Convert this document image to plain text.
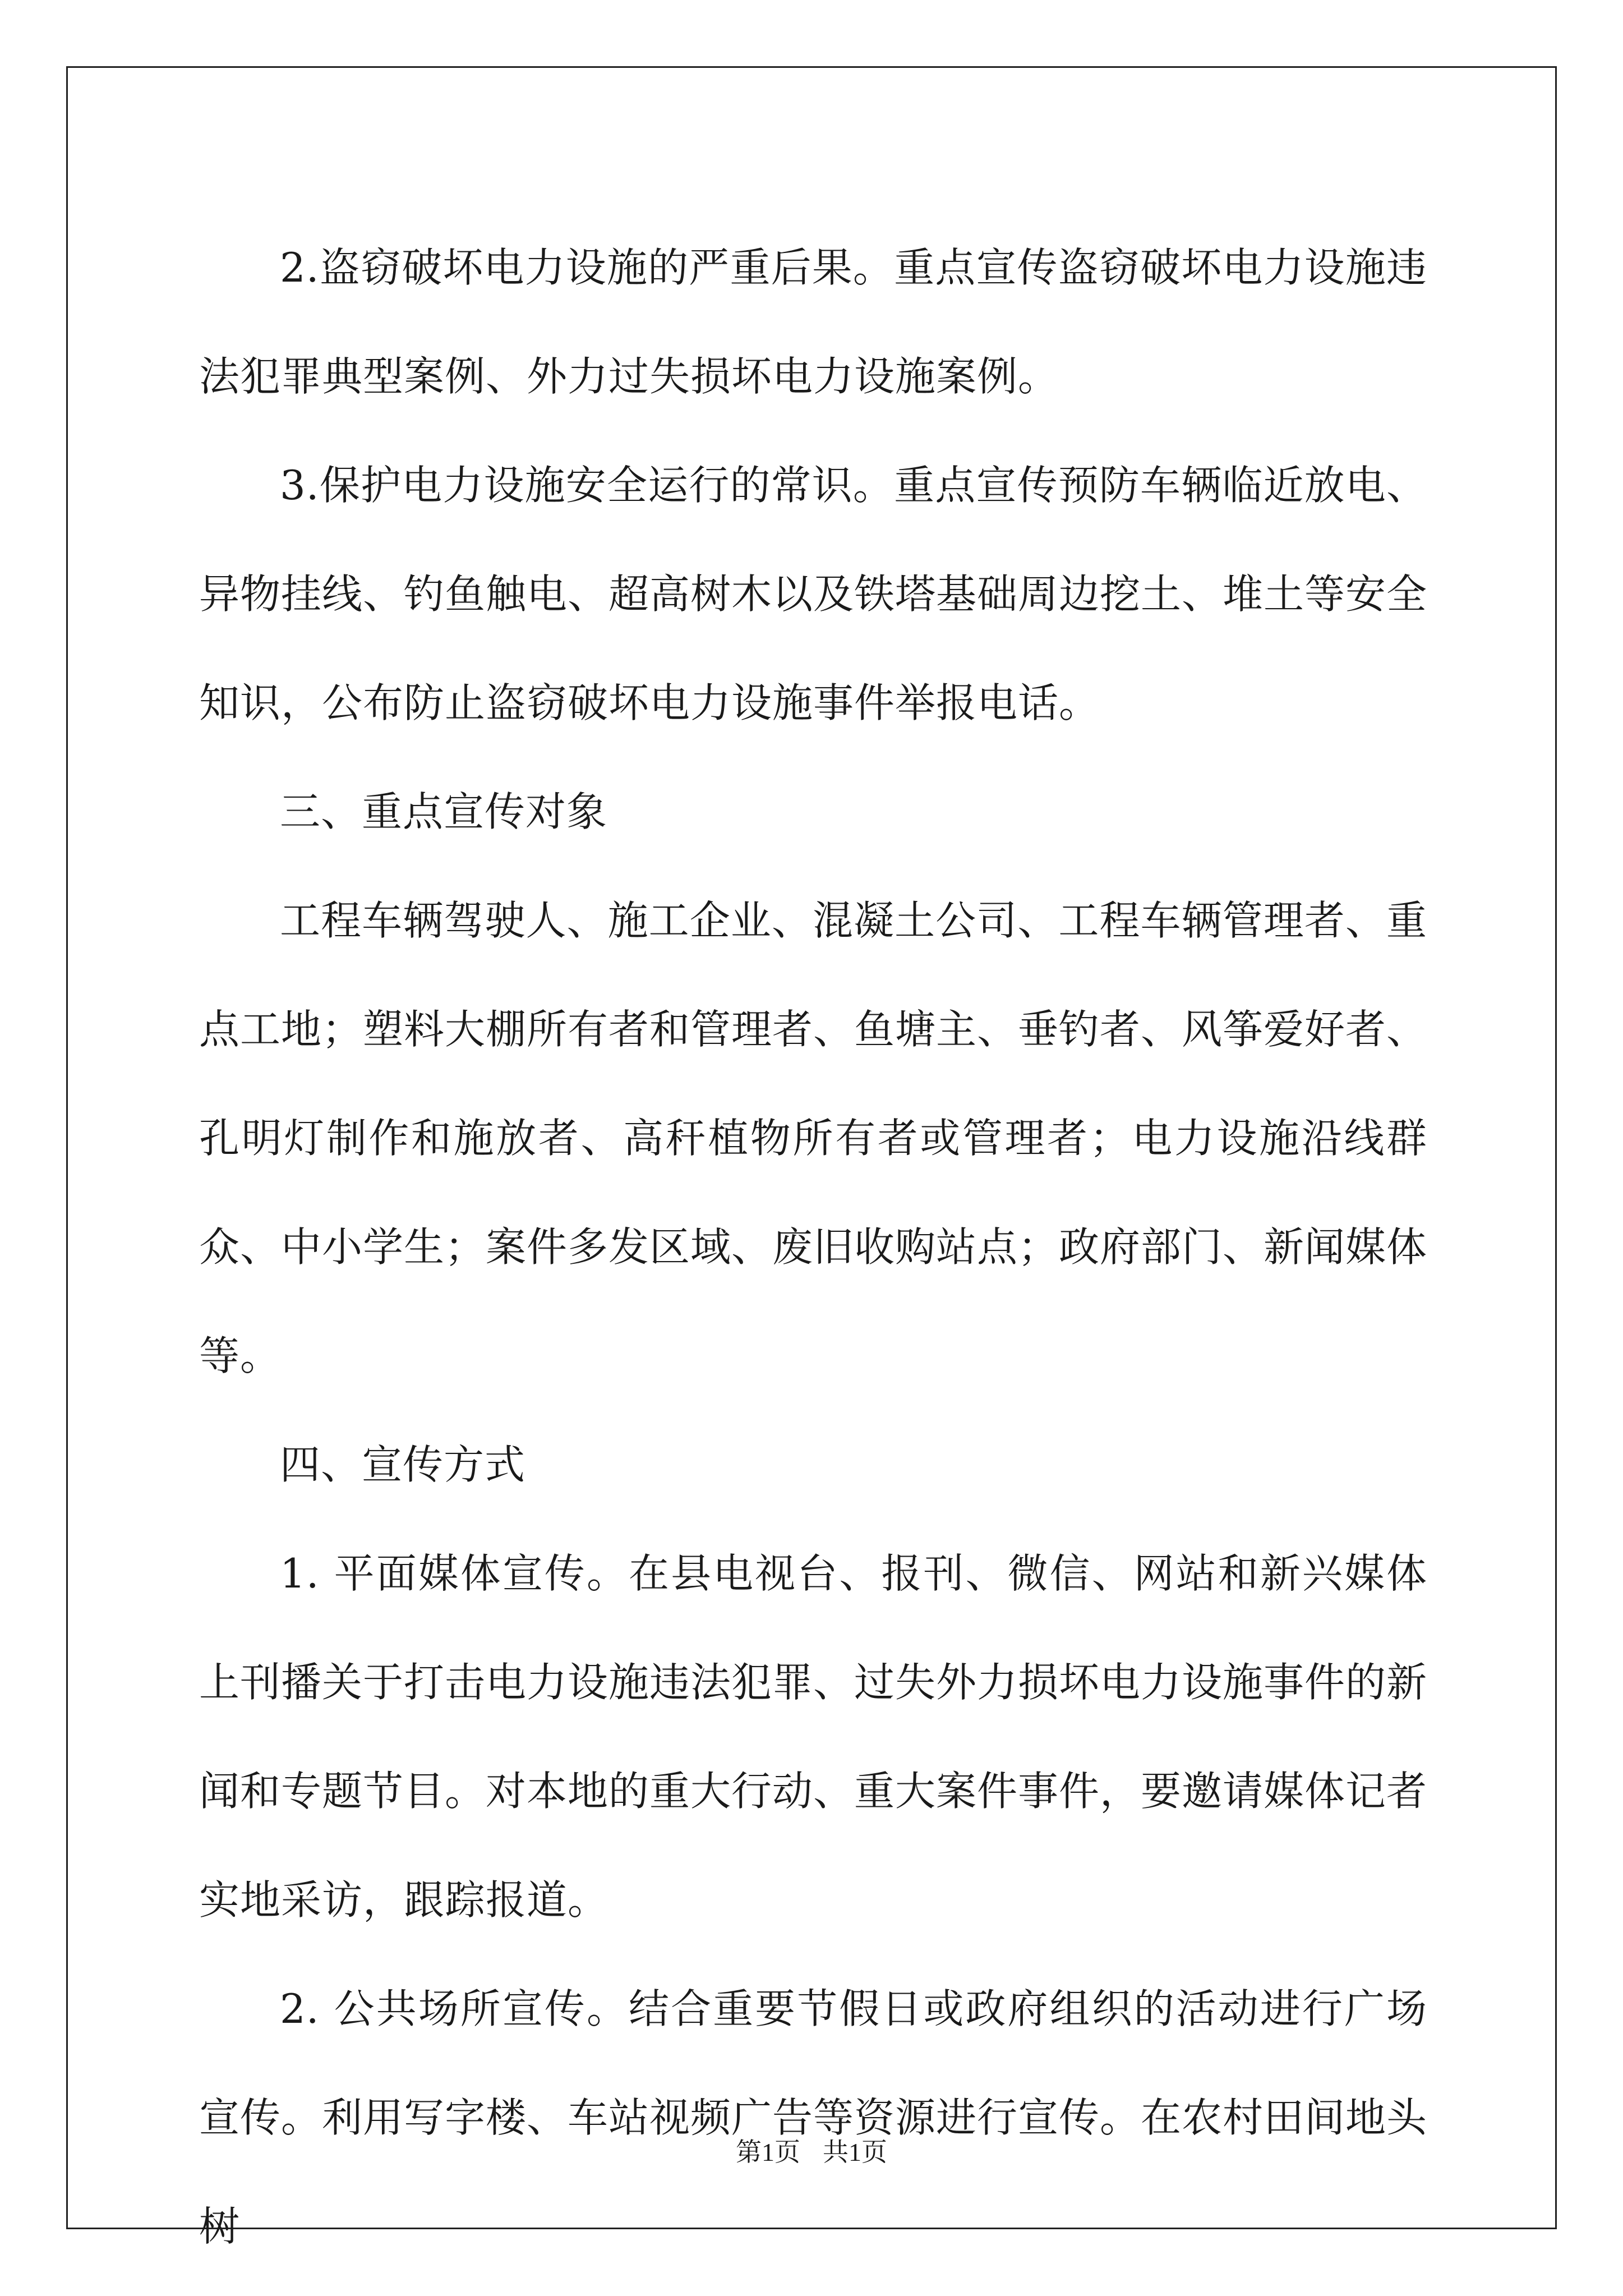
2.盗窃破坏电力设施的严重后果。重点宣传盗窃破坏电力设施违法犯罪典型案例、外力过失损坏电力设施案例。

3.保护电力设施安全运行的常识。重点宣传预防车辆临近放电、异物挂线、钓鱼触电、超高树木以及铁塔基础周边挖土、堆土等安全知识，公布防止盗窃破坏电力设施事件举报电话。

三、重点宣传对象

工程车辆驾驶人、施工企业、混凝土公司、工程车辆管理者、重点工地；塑料大棚所有者和管理者、鱼塘主、垂钓者、风筝爱好者、孔明灯制作和施放者、高秆植物所有者或管理者；电力设施沿线群众、中小学生；案件多发区域、废旧收购站点；政府部门、新闻媒体等。

四、宣传方式

1. 平面媒体宣传。在县电视台、报刊、微信、网站和新兴媒体上刊播关于打击电力设施违法犯罪、过失外力损坏电力设施事件的新闻和专题节目。对本地的重大行动、重大案件事件，要邀请媒体记者实地采访，跟踪报道。

2. 公共场所宣传。结合重要节假日或政府组织的活动进行广场宣传。利用写字楼、车站视频广告等资源进行宣传。在农村田间地头树

第1页 共1页
